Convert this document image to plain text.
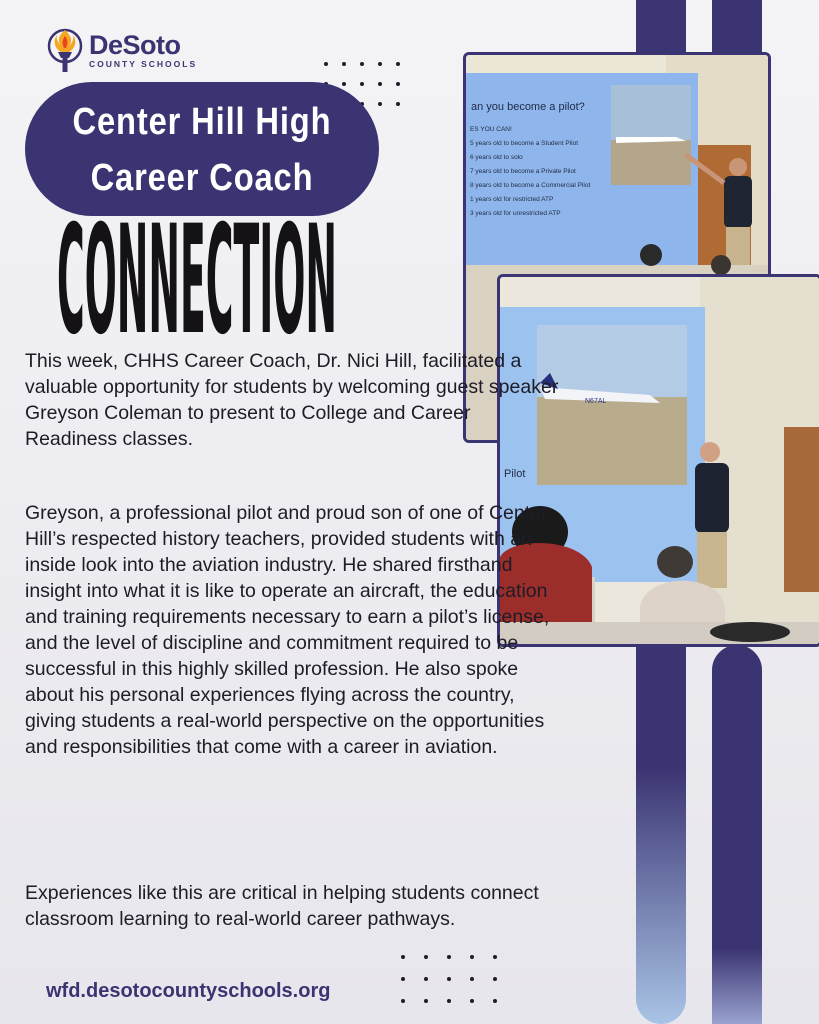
DeSoto
COUNTY SCHOOLS
Center Hill High
Career Coach
CONNECTION
an you become a pilot?
ES YOU CAN!
5 years old to become a Student Pilot
6 years old to solo
7 years old to become a Private Pilot
8 years old to become a Commercial Pilot
1 years old for restricted ATP
3 years old for unrestricted ATP
N67AL
Pilot
This week, CHHS Career Coach, Dr. Nici Hill, facilitated a valuable opportunity for students by welcoming guest speaker Greyson Coleman to present to College and Career Readiness classes.
Greyson, a professional pilot and proud son of one of Center Hill’s respected history teachers, provided students with an inside look into the aviation industry. He shared firsthand insight into what it is like to operate an aircraft, the education and training requirements necessary to earn a pilot’s license, and the level of discipline and commitment required to be successful in this highly skilled profession. He also spoke about his personal experiences flying across the country, giving students a real-world perspective on the opportunities and responsibilities that come with a career in aviation.
Experiences like this are critical in helping students connect classroom learning to real-world career pathways.
wfd.desotocountyschools.org
